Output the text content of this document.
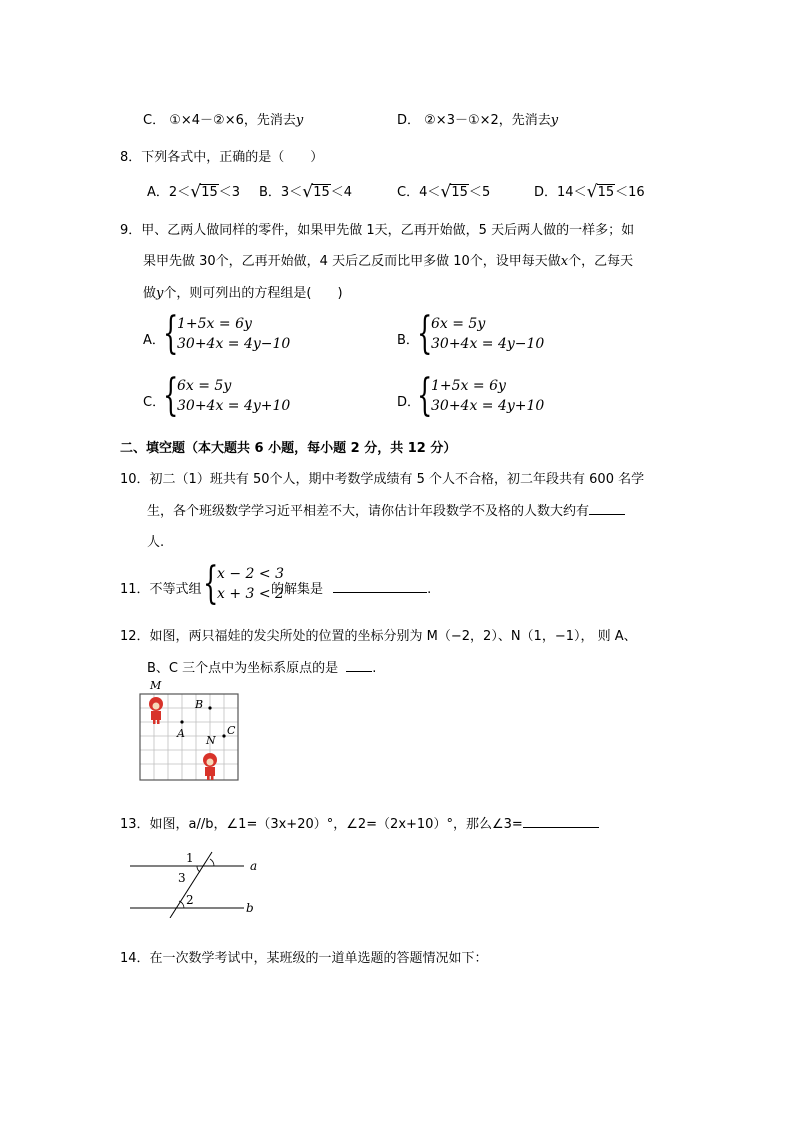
C． ①×4－②×6，先消去y	D． ②×3－①×2，先消去y
8．下列各式中，正确的是（　　）
A．2＜ √ 15＜3 B．3＜ √ 15＜4	C．4＜ √ 15＜5	D．14＜ √ 15＜16
9．甲、乙两人做同样的零件，如果甲先做 1天，乙再开始做，5 天后两人做的一样多；如
果甲先做 30个，乙再开始做，4 天后乙反而比甲多做 10个，设甲每天做x个，乙每天
做y个，则可列出的方程组是(　　)
A．
{
1+5x = 6y
30+4x = 4y−10	B．
{
6x = 5y
30+4x = 4y−10
C．
{
6x = 5y
30+4x = 4y+10	D．
{
1+5x = 6y
30+4x = 4y+10
二、填空题（本大题共 6 小题，每小题 2 分，共 12 分）
10．初二（1）班共有 50个人，期中考数学成绩有 5 个人不合格，初二年段共有 600 名学
生，各个班级数学学习近平相差不大，请你估计年段数学不及格的人数大约有
人.
11．不等式组 {
x − 2 < 3
x + 3 < 2
的解集是	.
12．如图，两只福娃的发尖所处的位置的坐标分别为 M（−2，2）、N（1，−1）， 则 A、
B、C 三个点中为坐标系原点的是	.
M
B
A	C
N
13．如图，a//b，∠1=（3x+20）°，∠2=（2x+10）°，那么∠3=
1
3
2
a
b
14．在一次数学考试中，某班级的一道单选题的答题情况如下：
